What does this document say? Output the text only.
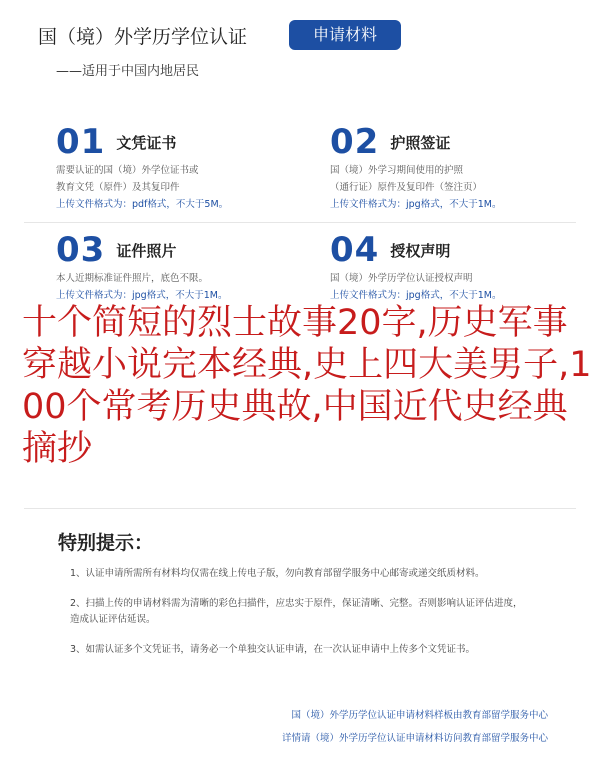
国（境）外学历学位认证	申请材料
——适用于中国内地居民
01 文凭证书
需要认证的国（境）外学位证书或
教育文凭（原件）及其复印件
上传文件格式为：pdf格式，不大于5M。
02 护照签证
国（境）外学习期间使用的护照
（通行证）原件及复印件（签注页）
上传文件格式为：jpg格式，不大于1M。
03 证件照片
本人近期标准证件照片，底色不限。
上传文件格式为：jpg格式，不大于1M。
04 授权声明
国（境）外学历学位认证授权声明
上传文件格式为：jpg格式，不大于1M。
十个简短的烈士故事20字,历史军事穿越小说完本经典,史上四大美男子,100个常考历史典故,中国近代史经典摘抄
特别提示：
1、认证申请所需所有材料均仅需在线上传电子版，勿向教育部留学服务中心邮寄或递交纸质材料。
2、扫描上传的申请材料需为清晰的彩色扫描件，应忠实于原件，保证清晰、完整。否则影响认证评估进度，
造成认证评估延误。
3、如需认证多个文凭证书，请务必一个单独交认证申请，在一次认证申请中上传多个文凭证书。
国（境）外学历学位认证申请材料样板由教育部留学服务中心
详情请（境）外学历学位认证申请材料访问教育部留学服务中心
